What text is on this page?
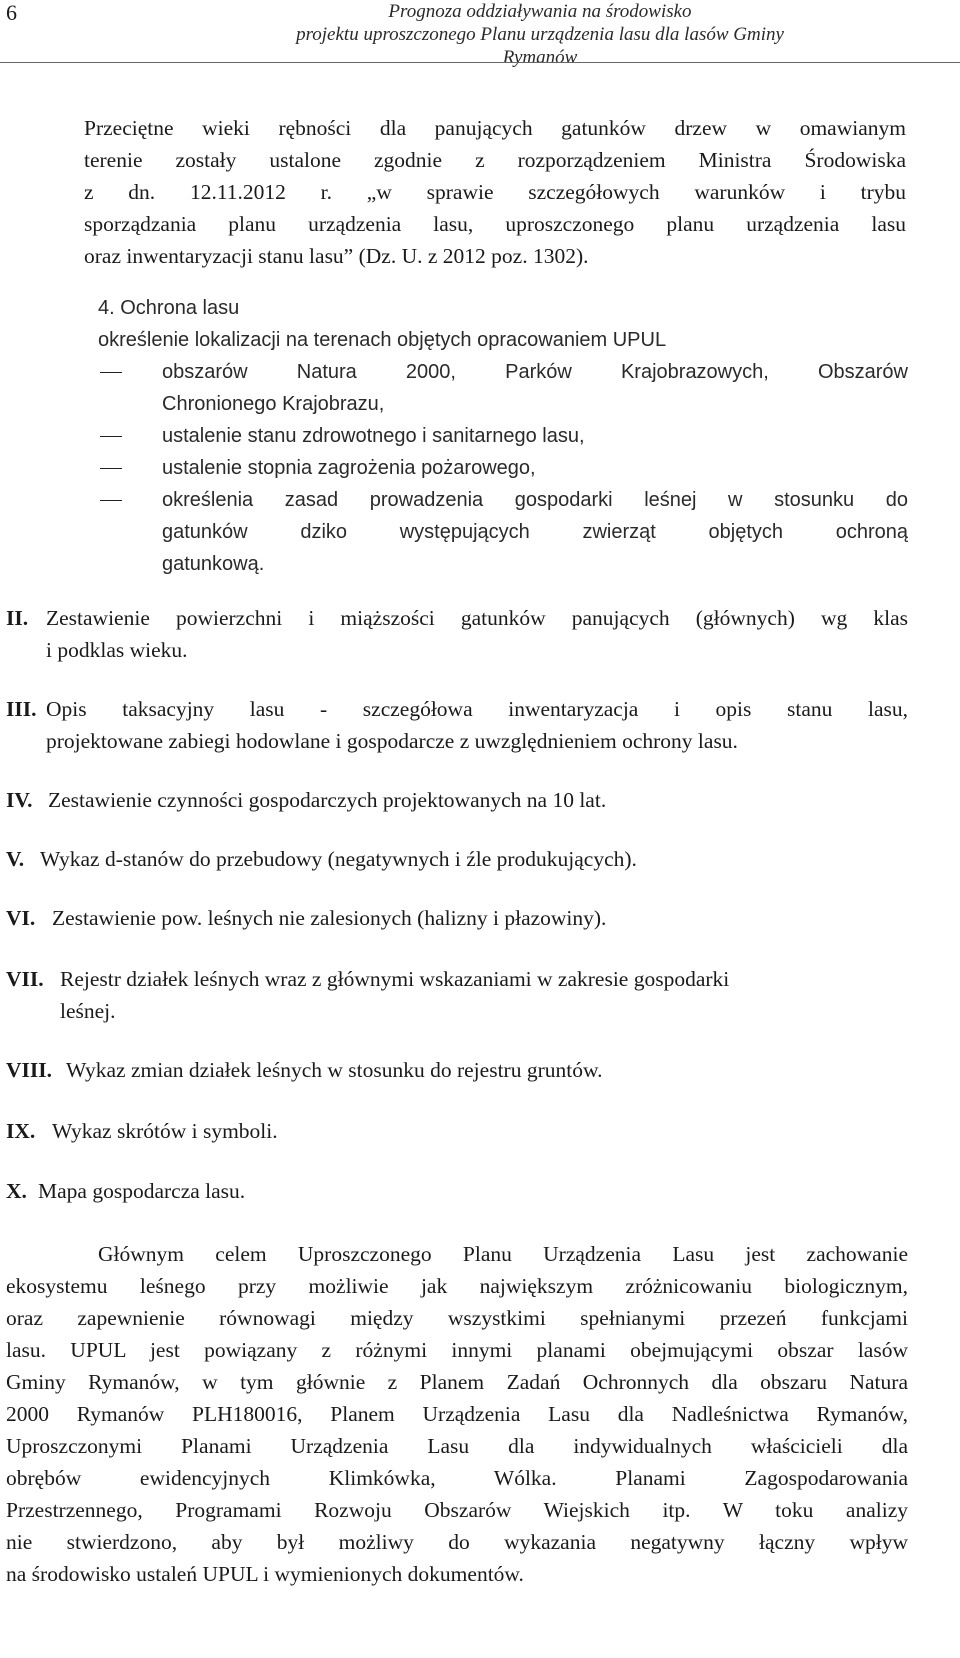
6	Prognoza oddziaływania na środowisko
projektu uproszczonego Planu urządzenia lasu dla lasów Gminy Rymanów
Przeciętne wieki rębności dla panujących gatunków drzew w omawianym
terenie zostały ustalone zgodnie z rozporządzeniem Ministra Środowiska
z dn. 12.11.2012 r. „w sprawie szczegółowych warunków i trybu
sporządzania planu urządzenia lasu, uproszczonego planu urządzenia lasu
oraz inwentaryzacji stanu lasu” (Dz. U. z 2012 poz. 1302).
4. Ochrona lasu
określenie lokalizacji na terenach objętych opracowaniem UPUL
obszarów Natura 2000, Parków Krajobrazowych, Obszarów
Chronionego Krajobrazu,
ustalenie stanu zdrowotnego i sanitarnego lasu,
ustalenie stopnia zagrożenia pożarowego,
określenia zasad prowadzenia gospodarki leśnej w stosunku do
gatunków dziko występujących zwierząt objętych ochroną
gatunkową.
II. Zestawienie powierzchni i miąższości gatunków panujących (głównych) wg klas
i podklas wieku.
III. Opis taksacyjny lasu - szczegółowa inwentaryzacja i opis stanu lasu,
projektowane zabiegi hodowlane i gospodarcze z uwzględnieniem ochrony lasu.
IV. Zestawienie czynności gospodarczych projektowanych na 10 lat.
V. Wykaz d-stanów do przebudowy (negatywnych i źle produkujących).
VI. Zestawienie pow. leśnych nie zalesionych (halizny i płazowiny).
VII. Rejestr działek leśnych wraz z głównymi wskazaniami w zakresie gospodarki
leśnej.
VIII. Wykaz zmian działek leśnych w stosunku do rejestru gruntów.
IX. Wykaz skrótów i symboli.
X. Mapa gospodarcza lasu.
Głównym celem Uproszczonego Planu Urządzenia Lasu jest zachowanie
ekosystemu leśnego przy możliwie jak największym zróżnicowaniu biologicznym,
oraz zapewnienie równowagi między wszystkimi spełnianymi przezeń funkcjami
lasu. UPUL jest powiązany z różnymi innymi planami obejmującymi obszar lasów
Gminy Rymanów, w tym głównie z Planem Zadań Ochronnych dla obszaru Natura
2000 Rymanów PLH180016, Planem Urządzenia Lasu dla Nadleśnictwa Rymanów,
Uproszczonymi Planami Urządzenia Lasu dla indywidualnych właścicieli dla
obrębów ewidencyjnych Klimkówka, Wólka. Planami Zagospodarowania
Przestrzennego, Programami Rozwoju Obszarów Wiejskich itp. W toku analizy
nie stwierdzono, aby był możliwy do wykazania negatywny łączny wpływ
na środowisko ustaleń UPUL i wymienionych dokumentów.
